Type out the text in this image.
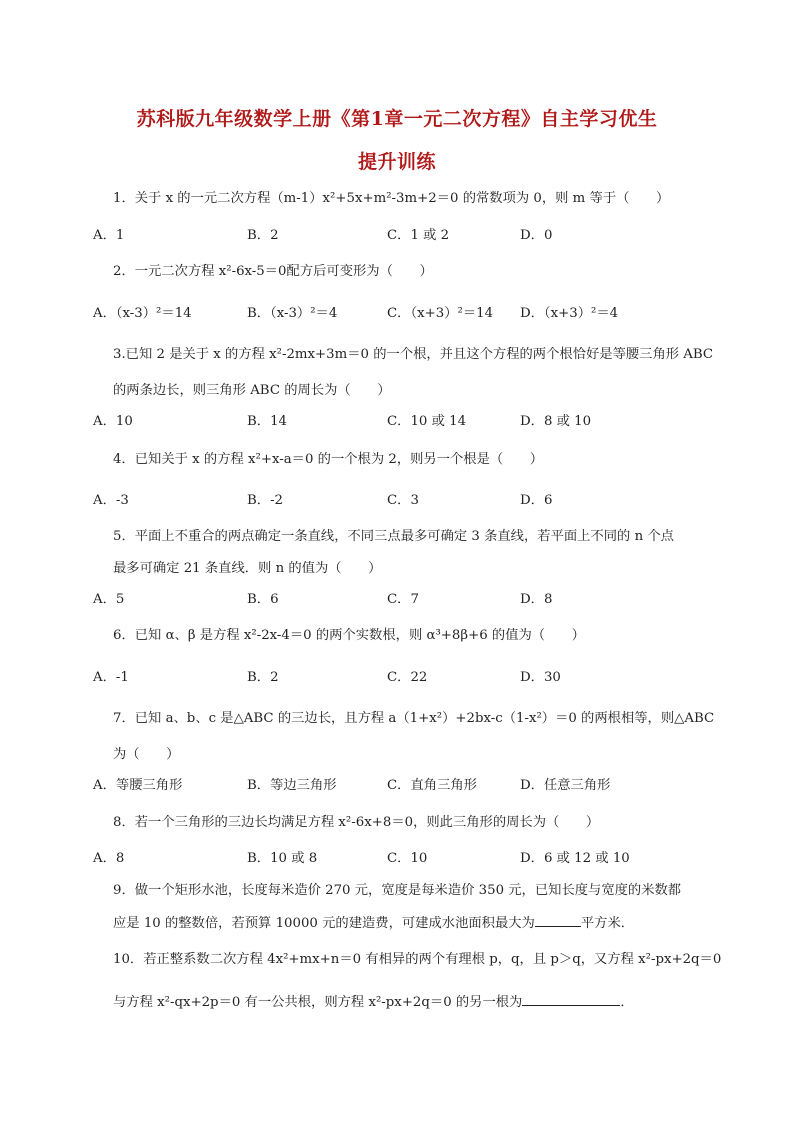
苏科版九年级数学上册《第1章一元二次方程》自主学习优生
提升训练
1．关于 x 的一元二次方程（m-1）x²+5x+m²-3m+2＝0 的常数项为 0，则 m 等于（　　）
A．1	B．2	C．1 或 2	D．0
2．一元二次方程 x²-6x-5＝0配方后可变形为（　　）
A．（x-3）²＝14	B．（x-3）²＝4	C．（x+3）²＝14 D．（x+3）²＝4
3.已知 2 是关于 x 的方程 x²-2mx+3m＝0 的一个根，并且这个方程的两个根恰好是等腰三角形 ABC
的两条边长，则三角形 ABC 的周长为（　　）
A．10	B．14	C．10 或 14	D．8 或 10
4．已知关于 x 的方程 x²+x-a＝0 的一个根为 2，则另一个根是（　　）
A．-3	B．-2	C．3	D．6
5．平面上不重合的两点确定一条直线，不同三点最多可确定 3 条直线，若平面上不同的 n 个点
最多可确定 21 条直线．则 n 的值为（　　）
A．5	B．6	C．7	D．8
6．已知 α、β 是方程 x²-2x-4＝0 的两个实数根，则 α³+8β+6 的值为（　　）
A．-1	B．2	C．22	D．30
7．已知 a、b、c 是△ABC 的三边长，且方程 a（1+x²）+2bx-c（1-x²）＝0 的两根相等，则△ABC
为（　　）
A．等腰三角形	B．等边三角形	C．直角三角形	D．任意三角形
8．若一个三角形的三边长均满足方程 x²-6x+8＝0，则此三角形的周长为（　　）
A．8	B．10 或 8	C．10	D．6 或 12 或 10
9．做一个矩形水池，长度每米造价 270 元，宽度是每米造价 350 元，已知长度与宽度的米数都
应是 10 的整数倍，若预算 10000 元的建造费，可建成水池面积最大为	平方米．
10．若正整系数二次方程 4x²+mx+n＝0 有相异的两个有理根 p，q，且 p＞q，又方程 x²-px+2q＝0
与方程 x²-qx+2p＝0 有一公共根，则方程 x²-px+2q＝0 的另一根为	．
